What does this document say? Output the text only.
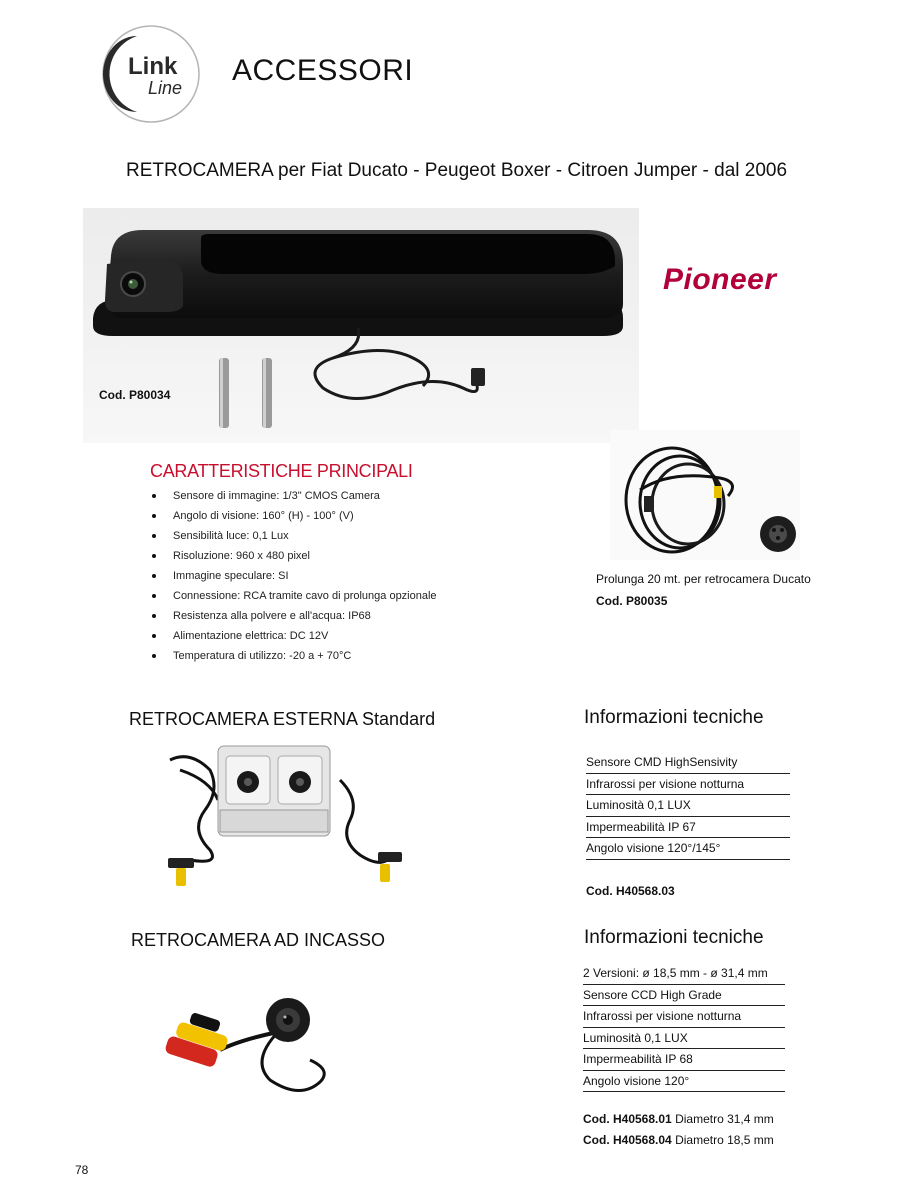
Link
Line
ACCESSORI
RETROCAMERA per Fiat Ducato - Peugeot Boxer - Citroen Jumper - dal 2006
Pioneer
Cod. P80034
CARATTERISTICHE PRINCIPALI
Sensore di immagine: 1/3" CMOS Camera
Angolo di visione: 160° (H) - 100° (V)
Sensibilità luce: 0,1 Lux
Risoluzione: 960 x 480 pixel
Immagine speculare: SI
Connessione: RCA tramite cavo di prolunga opzionale
Resistenza alla polvere e all'acqua: IP68
Alimentazione elettrica: DC 12V
Temperatura di utilizzo: -20 a + 70°C
Prolunga 20 mt. per retrocamera Ducato
Cod. P80035
RETROCAMERA ESTERNA Standard	Informazioni tecniche
Sensore CMD HighSensivity
Infrarossi per visione notturna
Luminosità 0,1 LUX
Impermeabilità IP 67
Angolo visione 120°/145°
Cod. H40568.03
RETROCAMERA AD INCASSO	Informazioni tecniche
2 Versioni: ø 18,5 mm - ø 31,4 mm
Sensore CCD High Grade
Infrarossi per visione notturna
Luminosità 0,1 LUX
Impermeabilità IP 68
Angolo visione 120°
Cod. H40568.01 Diametro 31,4 mm
Cod. H40568.04 Diametro 18,5 mm
78
